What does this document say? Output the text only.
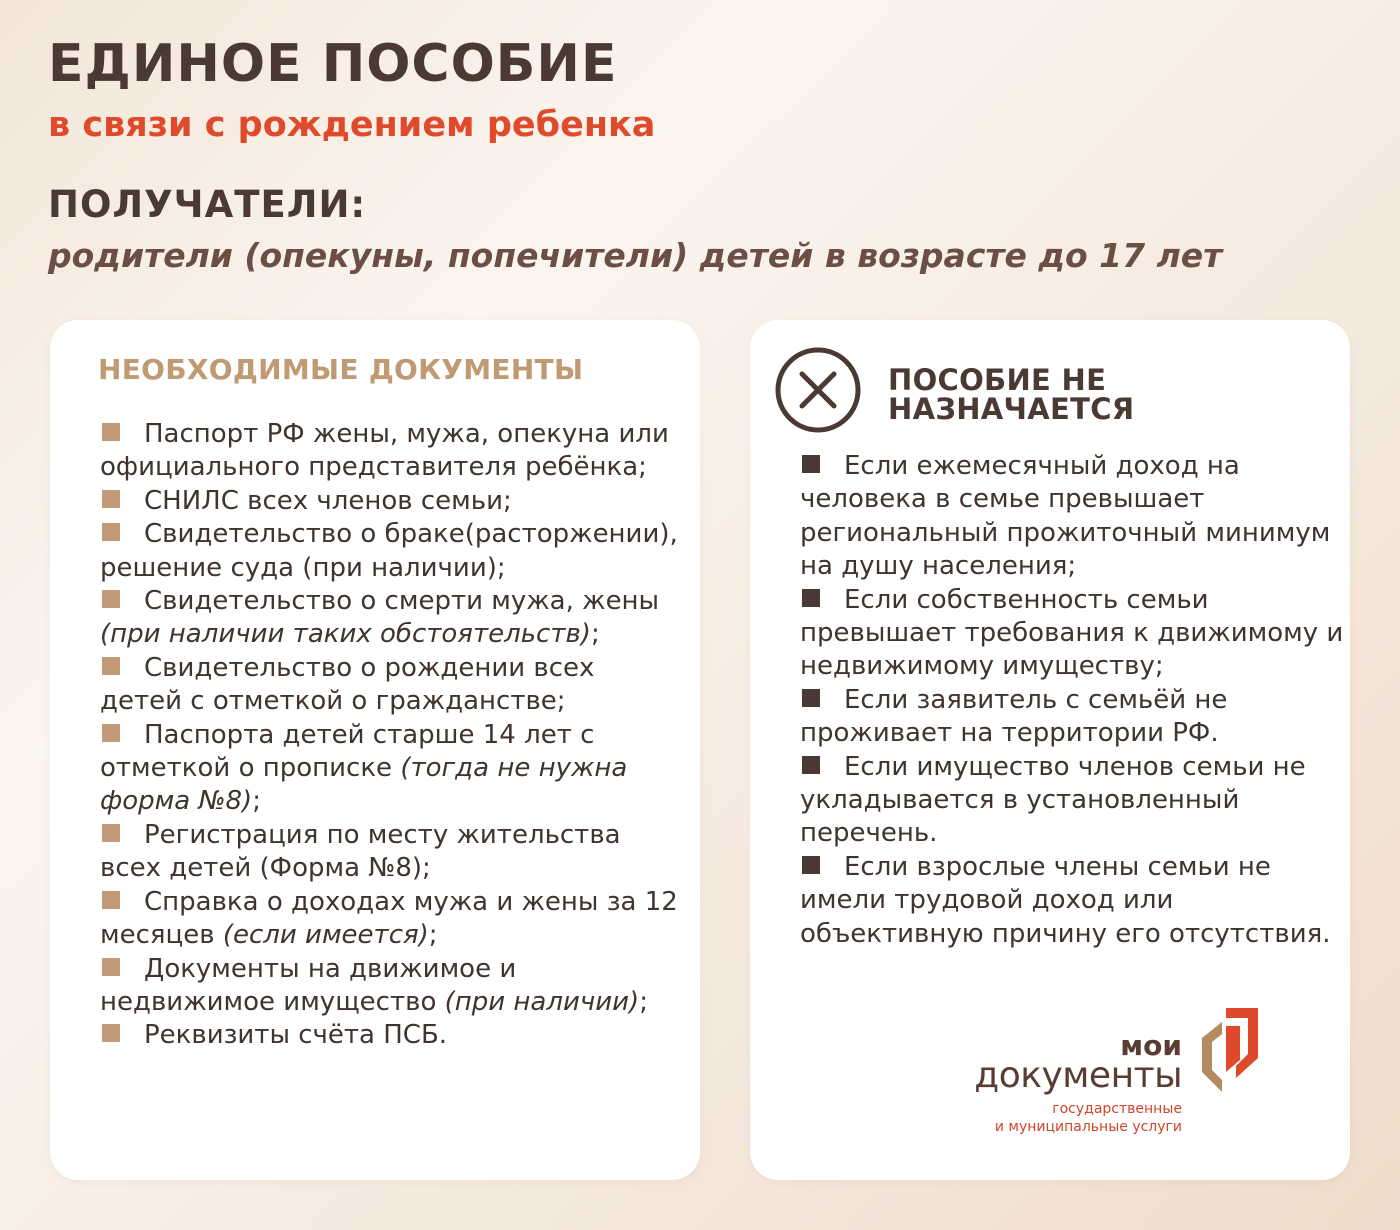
ЕДИНОЕ ПОСОБИЕ
в связи с рождением ребенка
ПОЛУЧАТЕЛИ:

родители (опекуны, попечители) детей в возрасте до 17 лет

НЕОБХОДИМЫЕ ДОКУМЕНТЫ
Паспорт РФ жены, мужа, опекуна или официального представителя ребёнка;
СНИЛС всех членов семьи;
Свидетельство о браке(расторжении), решение суда (при наличии);
Свидетельство о смерти мужа, жены (при наличии таких обстоятельств);
Свидетельство о рождении всех детей с отметкой о гражданстве;
Паспорта детей старше 14 лет с отметкой о прописке (тогда не нужна форма №8);
Регистрация по месту жительства всех детей (Форма №8);
Справка о доходах мужа и жены за 12 месяцев (если имеется);
Документы на движимое и недвижимое имущество (при наличии);
Реквизиты счёта ПСБ.
ПОСОБИЕ НЕ НАЗНАЧАЕТСЯ
Если ежемесячный доход на человека в семье превышает региональный прожиточный минимум на душу населения;
Если собственность семьи превышает требования к движимому и недвижимому имуществу;
Если заявитель с семьёй не проживает на территории РФ.
Если имущество членов семьи не укладывается в установленный перечень.
Если взрослые члены семьи не имели трудовой доход или объективную причину его отсутствия.
мои
документы
государственные
и муниципальные услуги
